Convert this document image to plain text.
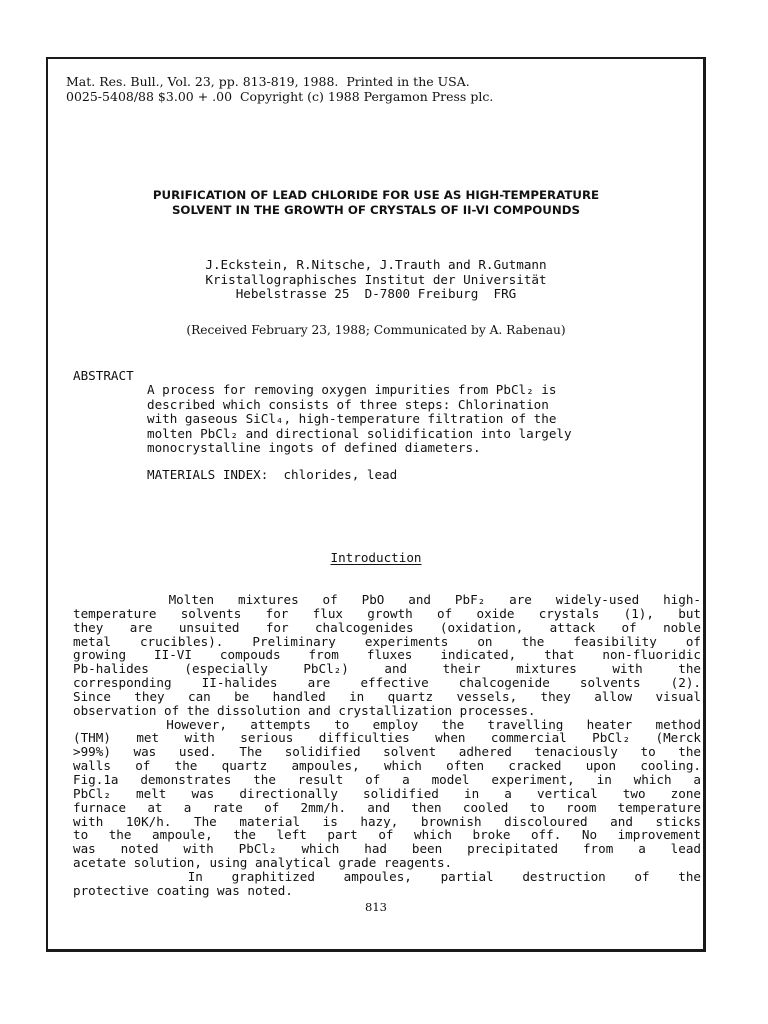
Mat. Res. Bull., Vol. 23, pp. 813-819, 1988.  Printed in the USA.
0025-5408/88 $3.00 + .00  Copyright (c) 1988 Pergamon Press plc.
PURIFICATION OF LEAD CHLORIDE FOR USE AS HIGH-TEMPERATURE
SOLVENT IN THE GROWTH OF CRYSTALS OF II-VI COMPOUNDS
J.Eckstein, R.Nitsche, J.Trauth and R.Gutmann
Kristallographisches Institut der Universität
Hebelstrasse 25  D-7800 Freiburg  FRG
(Received February 23, 1988; Communicated by A. Rabenau)
ABSTRACT
A process for removing oxygen impurities from PbCl₂ is
described which consists of three steps: Chlorination
with gaseous SiCl₄, high-temperature filtration of the
molten PbCl₂ and directional solidification into largely
monocrystalline ingots of defined diameters.
MATERIALS INDEX:  chlorides, lead
Introduction
Molten mixtures of PbO and PbF₂ are widely-used high-
temperature solvents for flux growth of oxide crystals (1), but
they are unsuited for chalcogenides (oxidation, attack of noble
metal crucibles). Preliminary experiments on the feasibility of
growing II-VI compouds from fluxes indicated, that non-fluoridic
Pb-halides (especially PbCl₂) and their mixtures with the
corresponding II-halides are effective chalcogenide solvents (2).
Since they can be handled in quartz vessels, they allow visual
observation of the dissolution and crystallization processes.
However, attempts to employ the travelling heater method
(THM) met with serious difficulties when commercial PbCl₂ (Merck
>99%) was used. The solidified solvent adhered tenaciously to the
walls of the quartz ampoules, which often cracked upon cooling.
Fig.1a demonstrates the result of a model experiment, in which a
PbCl₂ melt was directionally solidified in a vertical two zone
furnace at a rate of 2mm/h. and then cooled to room temperature
with 10K/h. The material is hazy, brownish discoloured and sticks
to the ampoule, the left part of which broke off. No improvement
was noted with PbCl₂ which had been precipitated from a lead
acetate solution, using analytical grade reagents.
In graphitized ampoules, partial destruction of the
protective coating was noted.
813
